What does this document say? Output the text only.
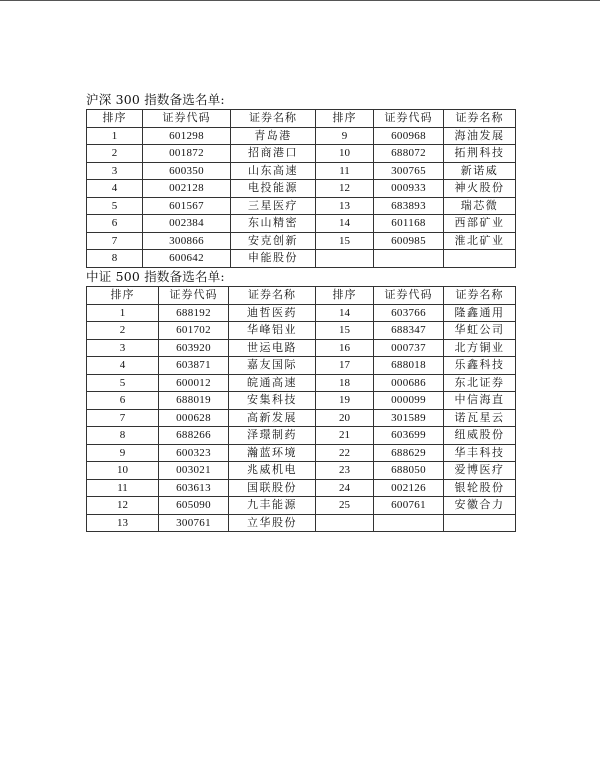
沪深 300 指数备选名单:
排序	证券代码	证券名称	排序	证券代码	证券名称
1	601298	青岛港	9	600968	海油发展
2	001872	招商港口	10	688072	拓荆科技
3	600350	山东高速	11	300765	新诺威
4	002128	电投能源	12	000933	神火股份
5	601567	三星医疗	13	683893	瑞芯微
6	002384	东山精密	14	601168	西部矿业
7	300866	安克创新	15	600985	淮北矿业
8	600642	申能股份			
中证 500 指数备选名单:
排序	证券代码	证券名称	排序	证券代码	证券名称
1	688192	迪哲医药	14	603766	隆鑫通用
2	601702	华峰铝业	15	688347	华虹公司
3	603920	世运电路	16	000737	北方铜业
4	603871	嘉友国际	17	688018	乐鑫科技
5	600012	皖通高速	18	000686	东北证券
6	688019	安集科技	19	000099	中信海直
7	000628	高新发展	20	301589	诺瓦星云
8	688266	泽璟制药	21	603699	纽威股份
9	600323	瀚蓝环境	22	688629	华丰科技
10	003021	兆威机电	23	688050	爱博医疗
11	603613	国联股份	24	002126	银轮股份
12	605090	九丰能源	25	600761	安徽合力
13	300761	立华股份			
